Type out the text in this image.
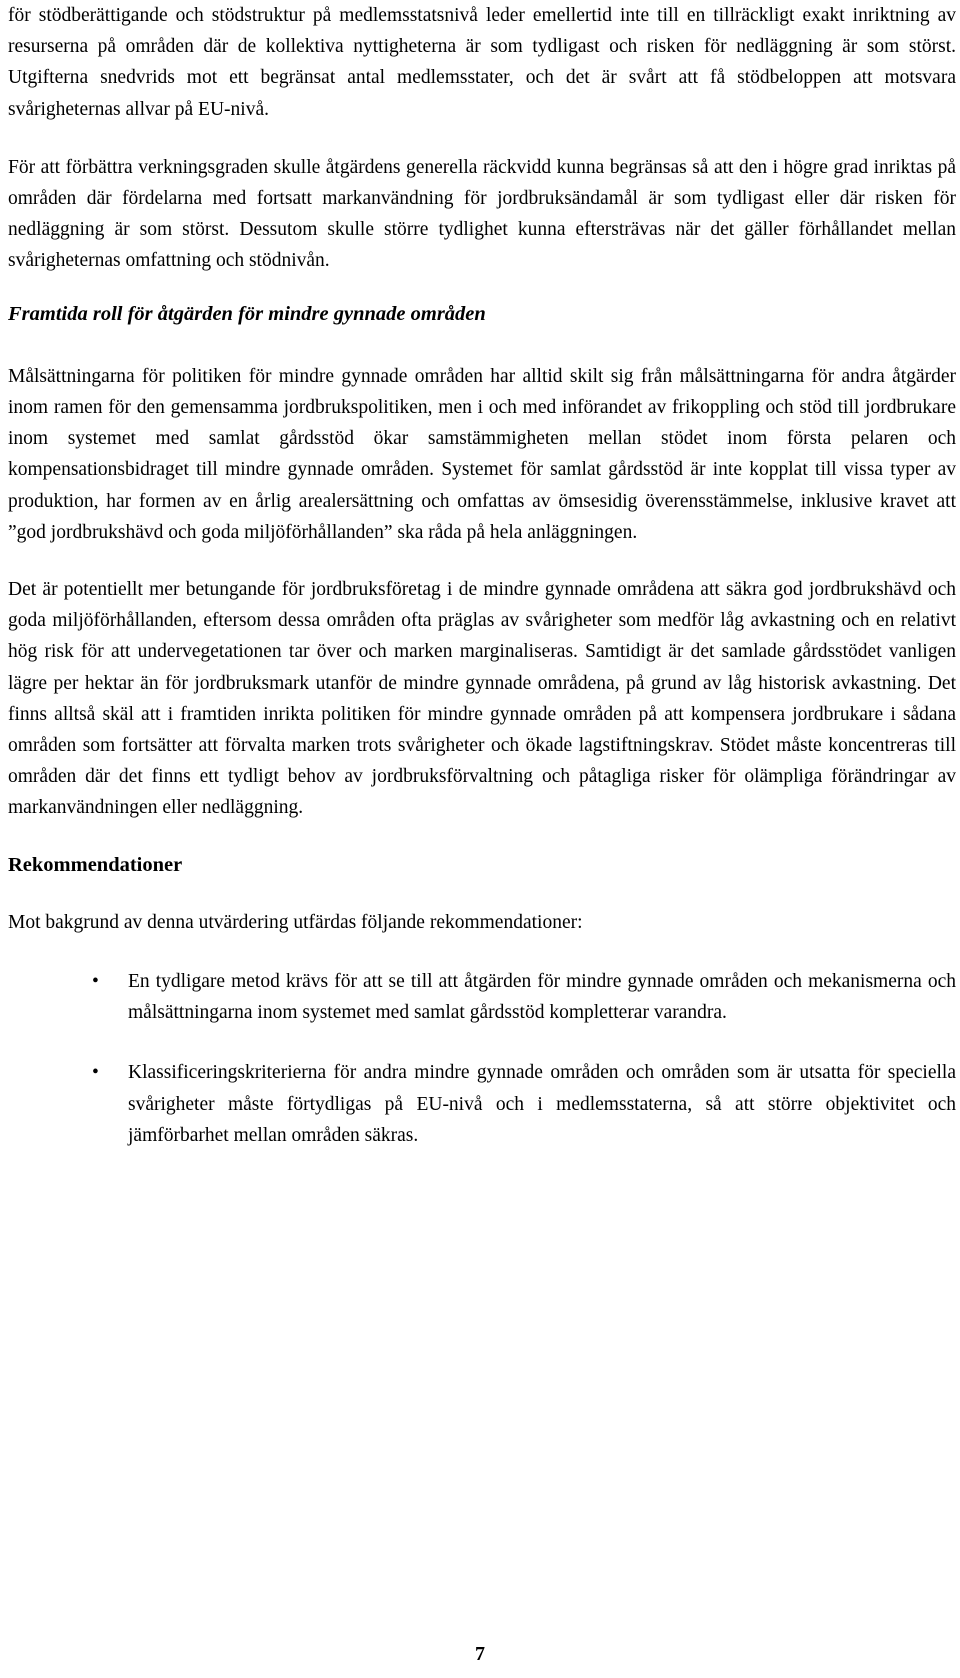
för stödberättigande och stödstruktur på medlemsstatsnivå leder emellertid inte till en tillräckligt exakt inriktning av resurserna på områden där de kollektiva nyttigheterna är som tydligast och risken för nedläggning är som störst. Utgifterna snedvrids mot ett begränsat antal medlemsstater, och det är svårt att få stödbeloppen att motsvara svårigheternas allvar på EU-nivå.

För att förbättra verkningsgraden skulle åtgärdens generella räckvidd kunna begränsas så att den i högre grad inriktas på områden där fördelarna med fortsatt markanvändning för jordbruksändamål är som tydligast eller där risken för nedläggning är som störst. Dessutom skulle större tydlighet kunna eftersträvas när det gäller förhållandet mellan svårigheternas omfattning och stödnivån.

Framtida roll för åtgärden för mindre gynnade områden

Målsättningarna för politiken för mindre gynnade områden har alltid skilt sig från målsättningarna för andra åtgärder inom ramen för den gemensamma jordbrukspolitiken, men i och med införandet av frikoppling och stöd till jordbrukare inom systemet med samlat gårdsstöd ökar samstämmigheten mellan stödet inom första pelaren och kompensationsbidraget till mindre gynnade områden. Systemet för samlat gårdsstöd är inte kopplat till vissa typer av produktion, har formen av en årlig arealersättning och omfattas av ömsesidig överensstämmelse, inklusive kravet att ”god jordbrukshävd och goda miljöförhållanden” ska råda på hela anläggningen.

Det är potentiellt mer betungande för jordbruksföretag i de mindre gynnade områdena att säkra god jordbrukshävd och goda miljöförhållanden, eftersom dessa områden ofta präglas av svårigheter som medför låg avkastning och en relativt hög risk för att undervegetationen tar över och marken marginaliseras. Samtidigt är det samlade gårdsstödet vanligen lägre per hektar än för jordbruksmark utanför de mindre gynnade områdena, på grund av låg historisk avkastning. Det finns alltså skäl att i framtiden inrikta politiken för mindre gynnade områden på att kompensera jordbrukare i sådana områden som fortsätter att förvalta marken trots svårigheter och ökade lagstiftningskrav. Stödet måste koncentreras till områden där det finns ett tydligt behov av jordbruksförvaltning och påtagliga risker för olämpliga förändringar av markanvändningen eller nedläggning.

Rekommendationer

Mot bakgrund av denna utvärdering utfärdas följande rekommendationer:

• En tydligare metod krävs för att se till att åtgärden för mindre gynnade områden och mekanismerna och målsättningarna inom systemet med samlat gårdsstöd kompletterar varandra.
• Klassificeringskriterierna för andra mindre gynnade områden och områden som är utsatta för speciella svårigheter måste förtydligas på EU-nivå och i medlemsstaterna, så att större objektivitet och jämförbarhet mellan områden säkras.
7
